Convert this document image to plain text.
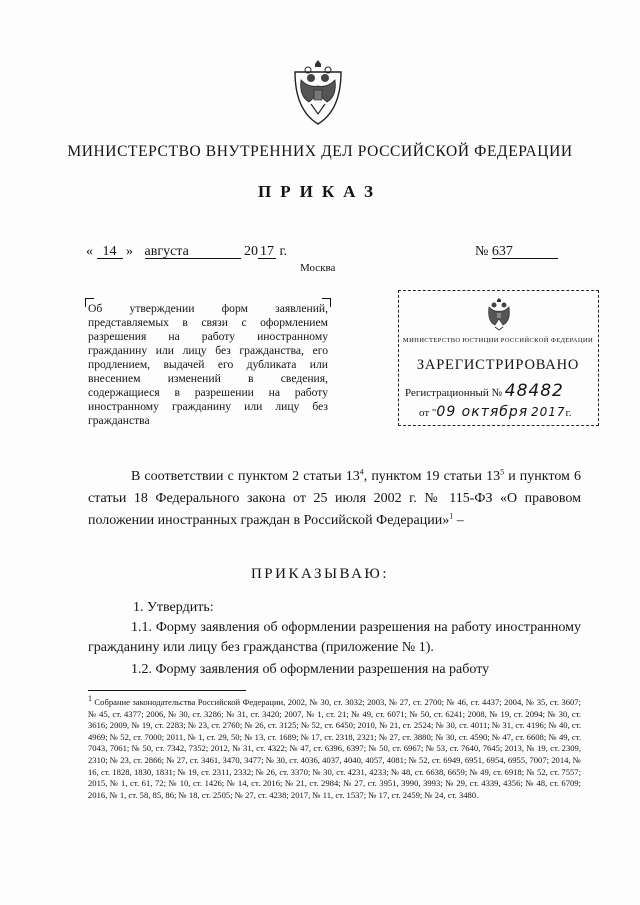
МИНИСТЕРСТВО ВНУТРЕННИХ ДЕЛ РОССИЙСКОЙ ФЕДЕРАЦИИ
ПРИКАЗ
« 14 » августа	20 17 г.
Москва
№ 637

Об утверждении форм заявлений, представляемых в связи с оформлением разрешения на работу иностранному гражданину или лицу без гражданства, его продлением, выдачей его дубликата или внесением изменений в сведения, содержащиеся в разрешении на работу иностранному гражданину или лицу без гражданства

МИНИСТЕРСТВО ЮСТИЦИИ РОССИЙСКОЙ ФЕДЕРАЦИИ
ЗАРЕГИСТРИРОВАНО
Регистрационный № 48482
от "09 октября 2017г.

В соответствии с пунктом 2 статьи $13^4$, пунктом 19 статьи $13^5$ и пунктом 6 статьи 18 Федерального закона от 25 июля 2002 г. № 115-ФЗ «О правовом положении иностранных граждан в Российской Федерации»$^1$ –

ПРИКАЗЫВАЮ:

1. Утвердить:

1.1. Форму заявления об оформлении разрешения на работу иностранному гражданину или лицу без гражданства (приложение № 1).

1.2. Форму заявления об оформлении разрешения на работу

$^1$ Собрание законодательства Российской Федерации, 2002, № 30, ст. 3032; 2003, № 27, ст. 2700; № 46, ст. 4437; 2004, № 35, ст. 3607; № 45, ст. 4377; 2006, № 30, ст. 3286; № 31, ст. 3420; 2007, № 1, ст. 21; № 49, ст. 6071; № 50, ст. 6241; 2008, № 19, ст. 2094; № 30, ст. 3616; 2009, № 19, ст. 2283; № 23, ст. 2760; № 26, ст. 3125; № 52, ст. 6450; 2010, № 21, ст. 2524; № 30, ст. 4011; № 31, ст. 4196; № 40, ст. 4969; № 52, ст. 7000; 2011, № 1, ст. 29, 50; № 13, ст. 1689; № 17, ст. 2318, 2321; № 27, ст. 3880; № 30, ст. 4590; № 47, ст. 6608; № 49, ст. 7043, 7061; № 50, ст. 7342, 7352; 2012, № 31, ст. 4322; № 47, ст. 6396, 6397; № 50, ст. 6967; № 53, ст. 7640, 7645; 2013, № 19, ст. 2309, 2310; № 23, ст. 2866; № 27, ст. 3461, 3470, 3477; № 30, ст. 4036, 4037, 4040, 4057, 4081; № 52, ст. 6949, 6951, 6954, 6955, 7007; 2014, № 16, ст. 1828, 1830, 1831; № 19, ст. 2311, 2332; № 26, ст. 3370; № 30, ст. 4231, 4233; № 48, ст. 6638, 6659; № 49, ст. 6918; № 52, ст. 7557; 2015, № 1, ст. 61, 72; № 10, ст. 1426; № 14, ст. 2016; № 21, ст. 2984; № 27, ст. 3951, 3990, 3993; № 29, ст. 4339, 4356; № 48, ст. 6709; 2016, № 1, ст. 58, 85, 86; № 18, ст. 2505; № 27, ст. 4238; 2017, № 11, ст. 1537; № 17, ст. 2459; № 24, ст. 3480.
